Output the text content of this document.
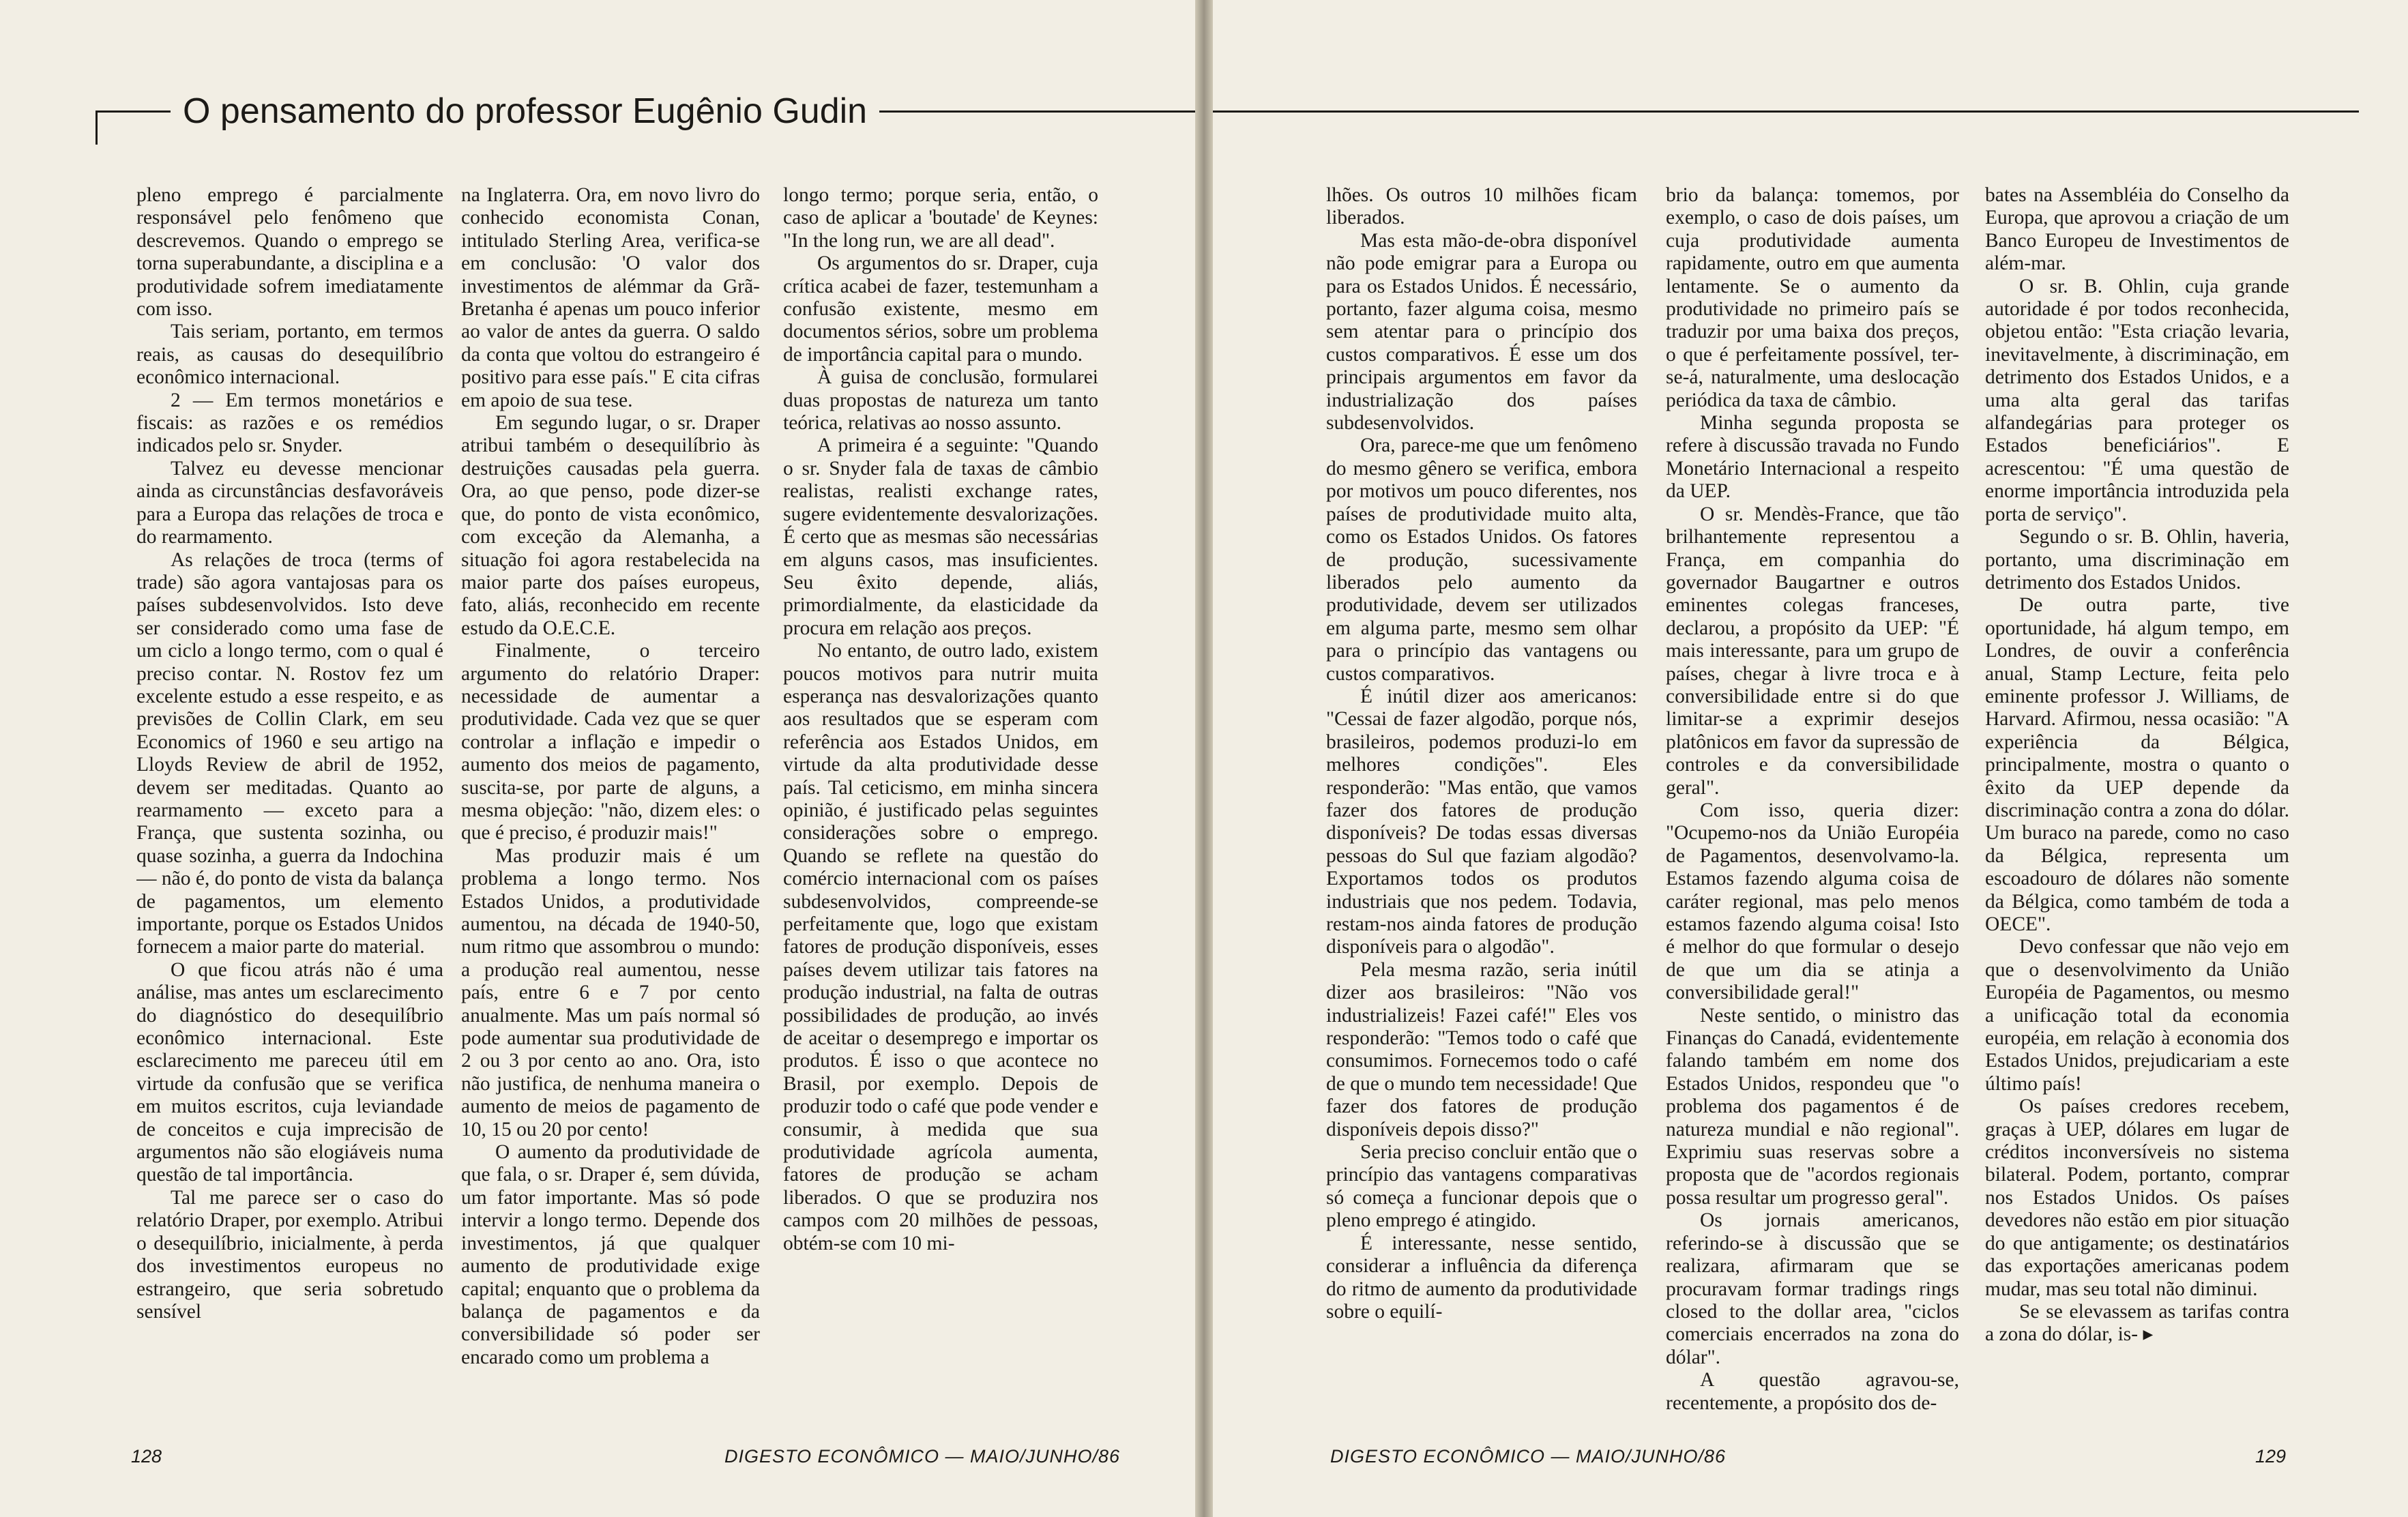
O pensamento do professor Eugênio Gudin

pleno emprego é parcialmente responsável pelo fenômeno que descrevemos. Quando o emprego se torna superabundante, a disciplina e a produtividade sofrem imediatamente com isso.

Tais seriam, portanto, em termos reais, as causas do desequilíbrio econômico internacional.

2 — Em termos monetários e fiscais: as razões e os remédios indicados pelo sr. Snyder.

Talvez eu devesse mencionar ainda as circunstâncias desfavoráveis para a Europa das relações de troca e do rearmamento.

As relações de troca (terms of trade) são agora vantajosas para os países subdesenvolvidos. Isto deve ser considerado como uma fase de um ciclo a longo termo, com o qual é preciso contar. N. Rostov fez um excelente estudo a esse respeito, e as previsões de Collin Clark, em seu Economics of 1960 e seu artigo na Lloyds Review de abril de 1952, devem ser meditadas. Quanto ao rearmamento — exceto para a França, que sustenta sozinha, ou quase sozinha, a guerra da Indochina — não é, do ponto de vista da balança de pagamentos, um elemento importante, porque os Estados Unidos fornecem a maior parte do material.

O que ficou atrás não é uma análise, mas antes um esclarecimento do diagnóstico do desequilíbrio econômico internacional. Este esclarecimento me pareceu útil em virtude da confusão que se verifica em muitos escritos, cuja leviandade de conceitos e cuja imprecisão de argumentos não são elogiáveis numa questão de tal importância.

Tal me parece ser o caso do relatório Draper, por exemplo. Atribui o desequilíbrio, inicialmente, à perda dos investimentos europeus no estrangeiro, que seria sobretudo sensível

na Inglaterra. Ora, em novo livro do conhecido economista Conan, intitulado Sterling Area, verifica-se em conclusão: 'O valor dos investimentos de alémmar da Grã-Bretanha é apenas um pouco inferior ao valor de antes da guerra. O saldo da conta que voltou do estrangeiro é positivo para esse país." E cita cifras em apoio de sua tese.

Em segundo lugar, o sr. Draper atribui também o desequilíbrio às destruições causadas pela guerra. Ora, ao que penso, pode dizer-se que, do ponto de vista econômico, com exceção da Alemanha, a situação foi agora restabelecida na maior parte dos países europeus, fato, aliás, reconhecido em recente estudo da O.E.C.E.

Finalmente, o terceiro argumento do relatório Draper: necessidade de aumentar a produtividade. Cada vez que se quer controlar a inflação e impedir o aumento dos meios de pagamento, suscita-se, por parte de alguns, a mesma objeção: "não, dizem eles: o que é preciso, é produzir mais!"

Mas produzir mais é um problema a longo termo. Nos Estados Unidos, a produtividade aumentou, na década de 1940-50, num ritmo que assombrou o mundo: a produção real aumentou, nesse país, entre 6 e 7 por cento anualmente. Mas um país normal só pode aumentar sua produtividade de 2 ou 3 por cento ao ano. Ora, isto não justifica, de nenhuma maneira o aumento de meios de pagamento de 10, 15 ou 20 por cento!

O aumento da produtividade de que fala, o sr. Draper é, sem dúvida, um fator importante. Mas só pode intervir a longo termo. Depende dos investimentos, já que qualquer aumento de produtividade exige capital; enquanto que o problema da balança de pagamentos e da conversibilidade só poder ser encarado como um problema a

longo termo; porque seria, então, o caso de aplicar a 'boutade' de Keynes: "In the long run, we are all dead".

Os argumentos do sr. Draper, cuja crítica acabei de fazer, testemunham a confusão existente, mesmo em documentos sérios, sobre um problema de importância capital para o mundo.

À guisa de conclusão, formularei duas propostas de natureza um tanto teórica, relativas ao nosso assunto.

A primeira é a seguinte: "Quando o sr. Snyder fala de taxas de câmbio realistas, realisti exchange rates, sugere evidentemente desvalorizações. É certo que as mesmas são necessárias em alguns casos, mas insuficientes. Seu êxito depende, aliás, primordialmente, da elasticidade da procura em relação aos preços.

No entanto, de outro lado, existem poucos motivos para nutrir muita esperança nas desvalorizações quanto aos resultados que se esperam com referência aos Estados Unidos, em virtude da alta produtividade desse país. Tal ceticismo, em minha sincera opinião, é justificado pelas seguintes considerações sobre o emprego. Quando se reflete na questão do comércio internacional com os países subdesenvolvidos, compreende-se perfeitamente que, logo que existam fatores de produção disponíveis, esses países devem utilizar tais fatores na produção industrial, na falta de outras possibilidades de produção, ao invés de aceitar o desemprego e importar os produtos. É isso o que acontece no Brasil, por exemplo. Depois de produzir todo o café que pode vender e consumir, à medida que sua produtividade agrícola aumenta, fatores de produção se acham liberados. O que se produzira nos campos com 20 milhões de pessoas, obtém-se com 10 mi-

128	DIGESTO ECONÔMICO — MAIO/JUNHO/86

lhões. Os outros 10 milhões ficam liberados.

Mas esta mão-de-obra disponível não pode emigrar para a Europa ou para os Estados Unidos. É necessário, portanto, fazer alguma coisa, mesmo sem atentar para o princípio dos custos comparativos. É esse um dos principais argumentos em favor da industrialização dos países subdesenvolvidos.

Ora, parece-me que um fenômeno do mesmo gênero se verifica, embora por motivos um pouco diferentes, nos países de produtividade muito alta, como os Estados Unidos. Os fatores de produção, sucessivamente liberados pelo aumento da produtividade, devem ser utilizados em alguma parte, mesmo sem olhar para o princípio das vantagens ou custos comparativos.

É inútil dizer aos americanos: "Cessai de fazer algodão, porque nós, brasileiros, podemos produzi-lo em melhores condições". Eles responderão: "Mas então, que vamos fazer dos fatores de produção disponíveis? De todas essas diversas pessoas do Sul que faziam algodão? Exportamos todos os produtos industriais que nos pedem. Todavia, restam-nos ainda fatores de produção disponíveis para o algodão".

Pela mesma razão, seria inútil dizer aos brasileiros: "Não vos industrializeis! Fazei café!" Eles vos responderão: "Temos todo o café que consumimos. Fornecemos todo o café de que o mundo tem necessidade! Que fazer dos fatores de produção disponíveis depois disso?"

Seria preciso concluir então que o princípio das vantagens comparativas só começa a funcionar depois que o pleno emprego é atingido.

É interessante, nesse sentido, considerar a influência da diferença do ritmo de aumento da produtividade sobre o equilí-

brio da balança: tomemos, por exemplo, o caso de dois países, um cuja produtividade aumenta rapidamente, outro em que aumenta lentamente. Se o aumento da produtividade no primeiro país se traduzir por uma baixa dos preços, o que é perfeitamente possível, ter-se-á, naturalmente, uma deslocação periódica da taxa de câmbio.

Minha segunda proposta se refere à discussão travada no Fundo Monetário Internacional a respeito da UEP.

O sr. Mendès-France, que tão brilhantemente representou a França, em companhia do governador Baugartner e outros eminentes colegas franceses, declarou, a propósito da UEP: "É mais interessante, para um grupo de países, chegar à livre troca e à conversibilidade entre si do que limitar-se a exprimir desejos platônicos em favor da supressão de controles e da conversibilidade geral".

Com isso, queria dizer: "Ocupemo-nos da União Européia de Pagamentos, desenvolvamo-la. Estamos fazendo alguma coisa de caráter regional, mas pelo menos estamos fazendo alguma coisa! Isto é melhor do que formular o desejo de que um dia se atinja a conversibilidade geral!"

Neste sentido, o ministro das Finanças do Canadá, evidentemente falando também em nome dos Estados Unidos, respondeu que "o problema dos pagamentos é de natureza mundial e não regional". Exprimiu suas reservas sobre a proposta que de "acordos regionais possa resultar um progresso geral".

Os jornais americanos, referindo-se à discussão que se realizara, afirmaram que se procuravam formar tradings rings closed to the dollar area, "ciclos comerciais encerrados na zona do dólar".

A questão agravou-se, recentemente, a propósito dos de-

bates na Assembléia do Conselho da Europa, que aprovou a criação de um Banco Europeu de Investimentos de além-mar.

O sr. B. Ohlin, cuja grande autoridade é por todos reconhecida, objetou então: "Esta criação levaria, inevitavelmente, à discriminação, em detrimento dos Estados Unidos, e a uma alta geral das tarifas alfandegárias para proteger os Estados beneficiários". E acrescentou: "É uma questão de enorme importância introduzida pela porta de serviço".

Segundo o sr. B. Ohlin, haveria, portanto, uma discriminação em detrimento dos Estados Unidos.

De outra parte, tive oportunidade, há algum tempo, em Londres, de ouvir a conferência anual, Stamp Lecture, feita pelo eminente professor J. Williams, de Harvard. Afirmou, nessa ocasião: "A experiência da Bélgica, principalmente, mostra o quanto o êxito da UEP depende da discriminação contra a zona do dólar. Um buraco na parede, como no caso da Bélgica, representa um escoadouro de dólares não somente da Bélgica, como também de toda a OECE".

Devo confessar que não vejo em que o desenvolvimento da União Européia de Pagamentos, ou mesmo a unificação total da economia européia, em relação à economia dos Estados Unidos, prejudicariam a este último país!

Os países credores recebem, graças à UEP, dólares em lugar de créditos inconversíveis no sistema bilateral. Podem, portanto, comprar nos Estados Unidos. Os países devedores não estão em pior situação do que antigamente; os destinatários das exportações americanas podem mudar, mas seu total não diminui.

Se se elevassem as tarifas contra a zona do dólar, is- ▸

DIGESTO ECONÔMICO — MAIO/JUNHO/86	129
